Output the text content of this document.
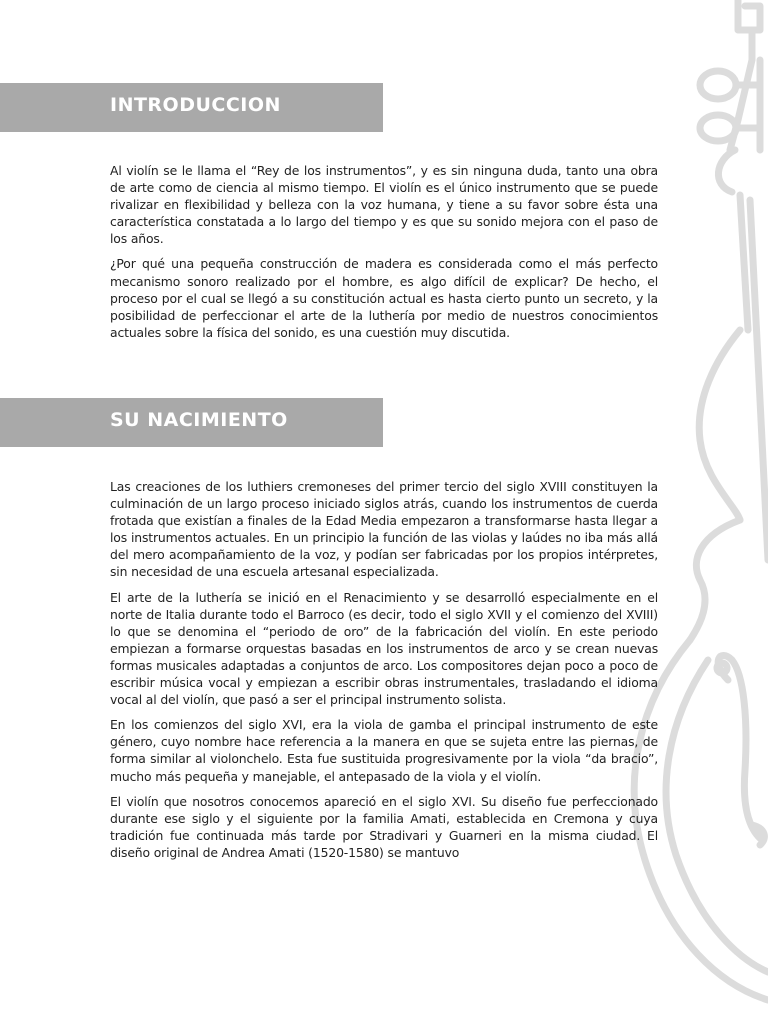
INTRODUCCION

Al violín se le llama el “Rey de los instrumentos”, y es sin ninguna duda, tanto una obra de arte como de ciencia al mismo tiempo. El violín es el único instrumento que se puede rivalizar en flexibilidad y belleza con la voz humana, y tiene a su favor sobre ésta una característica constatada a lo largo del tiempo y es que su sonido mejora con el paso de los años.

¿Por qué una pequeña construcción de madera es considerada como el más perfecto mecanismo sonoro realizado por el hombre, es algo difícil de explicar? De hecho, el proceso por el cual se llegó a su constitución actual es hasta cierto punto un secreto, y la posibilidad de perfeccionar el arte de la luthería por medio de nuestros conocimientos actuales sobre la física del sonido, es una cuestión muy discutida.

SU NACIMIENTO

Las creaciones de los luthiers cremoneses del primer tercio del siglo XVIII constituyen la culminación de un largo proceso iniciado siglos atrás, cuando los instrumentos de cuerda frotada que existían a finales de la Edad Media empezaron a transformarse hasta llegar a los instrumentos actuales. En un principio la función de las violas y laúdes no iba más allá del mero acompañamiento de la voz, y podían ser fabricadas por los propios intérpretes, sin necesidad de una escuela artesanal especializada.

El arte de la luthería se inició en el Renacimiento y se desarrolló especialmente en el norte de Italia durante todo el Barroco (es decir, todo el siglo XVII y el comienzo del XVIII) lo que se denomina el “periodo de oro” de la fabricación del violín. En este periodo empiezan a formarse orquestas basadas en los instrumentos de arco y se crean nuevas formas musicales adaptadas a conjuntos de arco. Los compositores dejan poco a poco de escribir música vocal y empiezan a escribir obras instrumentales, trasladando el idioma vocal al del violín, que pasó a ser el principal instrumento solista.

En los comienzos del siglo XVI, era la viola de gamba el principal instrumento de este género, cuyo nombre hace referencia a la manera en que se sujeta entre las piernas, de forma similar al violonchelo. Esta fue sustituida progresivamente por la viola “da bracio”, mucho más pequeña y manejable, el antepasado de la viola y el violín.

El violín que nosotros conocemos apareció en el siglo XVI. Su diseño fue perfeccionado durante ese siglo y el siguiente por la familia Amati, establecida en Cremona y cuya tradición fue continuada más tarde por Stradivari y Guarneri en la misma ciudad. El diseño original de Andrea Amati (1520-1580) se mantuvo
